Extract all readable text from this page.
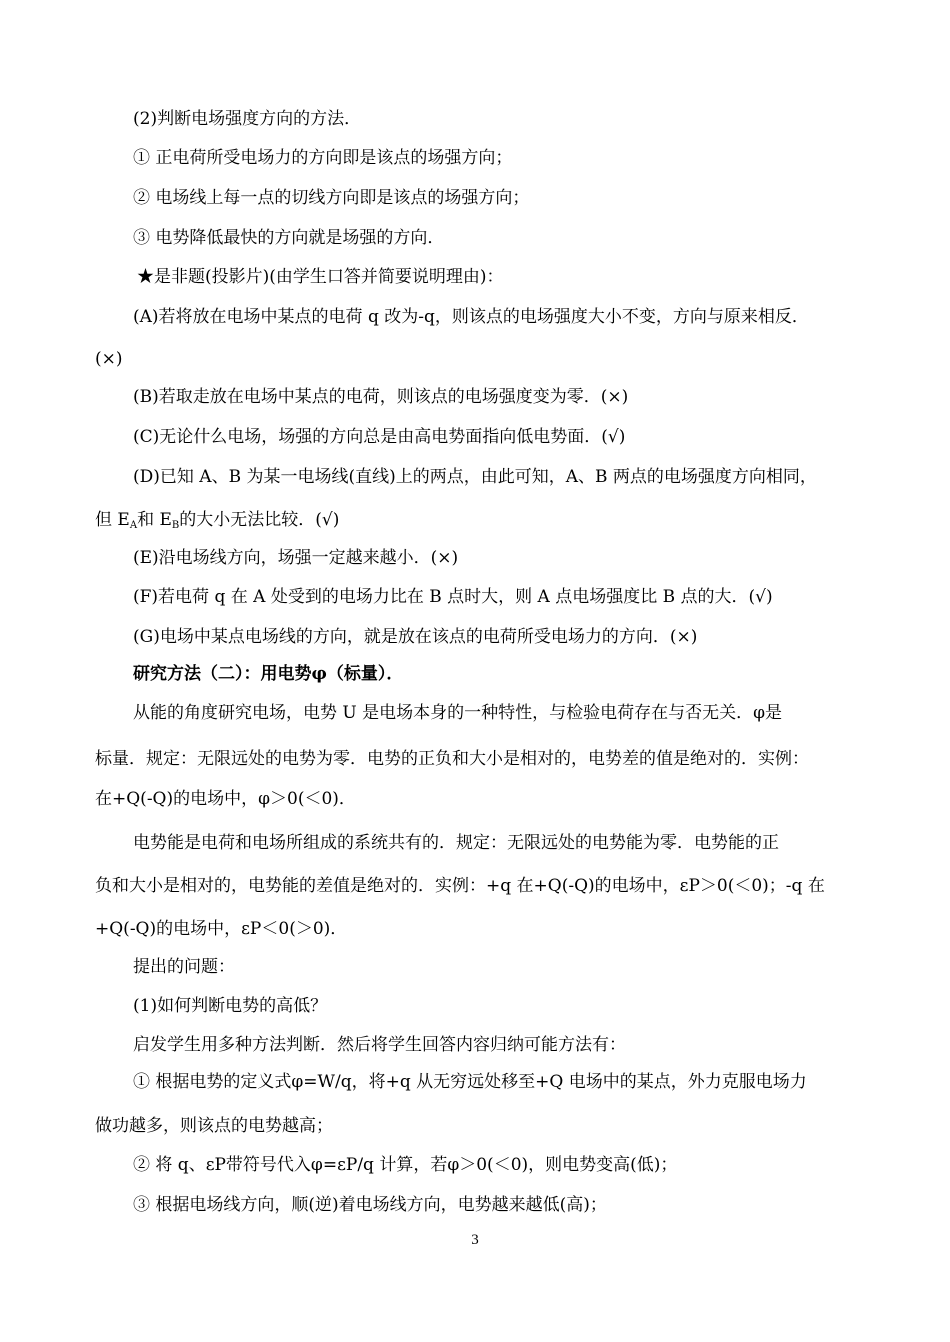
(2)判断电场强度方向的方法．
① 正电荷所受电场力的方向即是该点的场强方向；
② 电场线上每一点的切线方向即是该点的场强方向；
③ 电势降低最快的方向就是场强的方向．
★是非题(投影片)(由学生口答并简要说明理由)：
(A)若将放在电场中某点的电荷 q 改为-q，则该点的电场强度大小不变，方向与原来相反．
(×)
(B)若取走放在电场中某点的电荷，则该点的电场强度变为零．(×)
(C)无论什么电场，场强的方向总是由高电势面指向低电势面．(√)
(D)已知 A、B 为某一电场线(直线)上的两点，由此可知，A、B 两点的电场强度方向相同，
但 $E_A$和 $E_B$的大小无法比较．(√)
(E)沿电场线方向，场强一定越来越小．(×)
(F)若电荷 q 在 A 处受到的电场力比在 B 点时大，则 A 点电场强度比 B 点的大．(√)
(G)电场中某点电场线的方向，就是放在该点的电荷所受电场力的方向．(×)
研究方法（二）：用电势φ（标量）．
从能的角度研究电场，电势 U 是电场本身的一种特性，与检验电荷存在与否无关．φ是
标量．规定：无限远处的电势为零．电势的正负和大小是相对的，电势差的值是绝对的．实例：
在+Q(-Q)的电场中，φ＞0(＜0)．
电势能是电荷和电场所组成的系统共有的．规定：无限远处的电势能为零．电势能的正
负和大小是相对的，电势能的差值是绝对的．实例：+q 在+Q(-Q)的电场中，εP＞0(＜0)；-q 在
+Q(-Q)的电场中，εP＜0(＞0)．
提出的问题：
(1)如何判断电势的高低？
启发学生用多种方法判断．然后将学生回答内容归纳可能方法有：
① 根据电势的定义式φ=W/q，将+q 从无穷远处移至+Q 电场中的某点，外力克服电场力
做功越多，则该点的电势越高；
② 将 q、εP带符号代入φ=εP/q 计算，若φ＞0(＜0)，则电势变高(低)；
③ 根据电场线方向，顺(逆)着电场线方向，电势越来越低(高)；
3
